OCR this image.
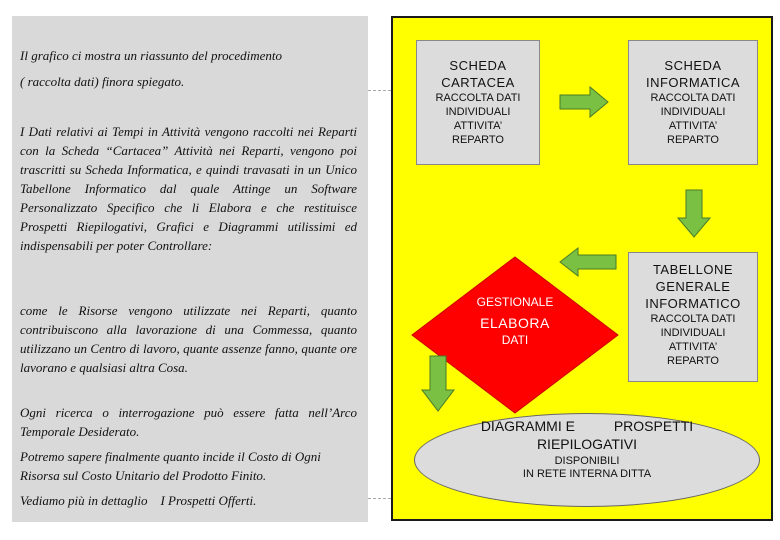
Il grafico ci mostra un riassunto del procedimento

( raccolta dati) finora spiegato.

I Dati relativi ai Tempi in Attività vengono raccolti nei Reparti con la Scheda “Cartacea” Attività nei Reparti, vengono poi trascritti su Scheda Informatica, e quindi travasati in un Unico Tabellone Informatico dal quale Attinge un Software Personalizzato Specifico che li Elabora e che restituisce Prospetti Riepilogativi, Grafici e Diagrammi utilissimi ed indispensabili per poter Controllare:

come le Risorse vengono utilizzate nei Reparti, quanto contribuiscono alla lavorazione di una Commessa, quanto utilizzano un Centro di lavoro, quante assenze fanno, quante ore lavorano e qualsiasi altra Cosa.

Ogni ricerca o interrogazione può essere fatta nell’Arco Temporale Desiderato.

Potremo sapere finalmente quanto incide il Costo di Ogni Risorsa sul Costo Unitario del Prodotto Finito.

Vediamo più in dettaglio    I Prospetti Offerti.

SCHEDA
CARTACEA
RACCOLTA DATI
INDIVIDUALI
ATTIVITA’
REPARTO
SCHEDA
INFORMATICA
RACCOLTA DATI
INDIVIDUALI
ATTIVITA’
REPARTO
TABELLONE
GENERALE
INFORMATICO
RACCOLTA DATI
INDIVIDUALI
ATTIVITA’
REPARTO
GESTIONALE
ELABORA
DATI
DIAGRAMMI E          PROSPETTI
RIEPILOGATIVI
DISPONIBILI
IN RETE INTERNA DITTA
